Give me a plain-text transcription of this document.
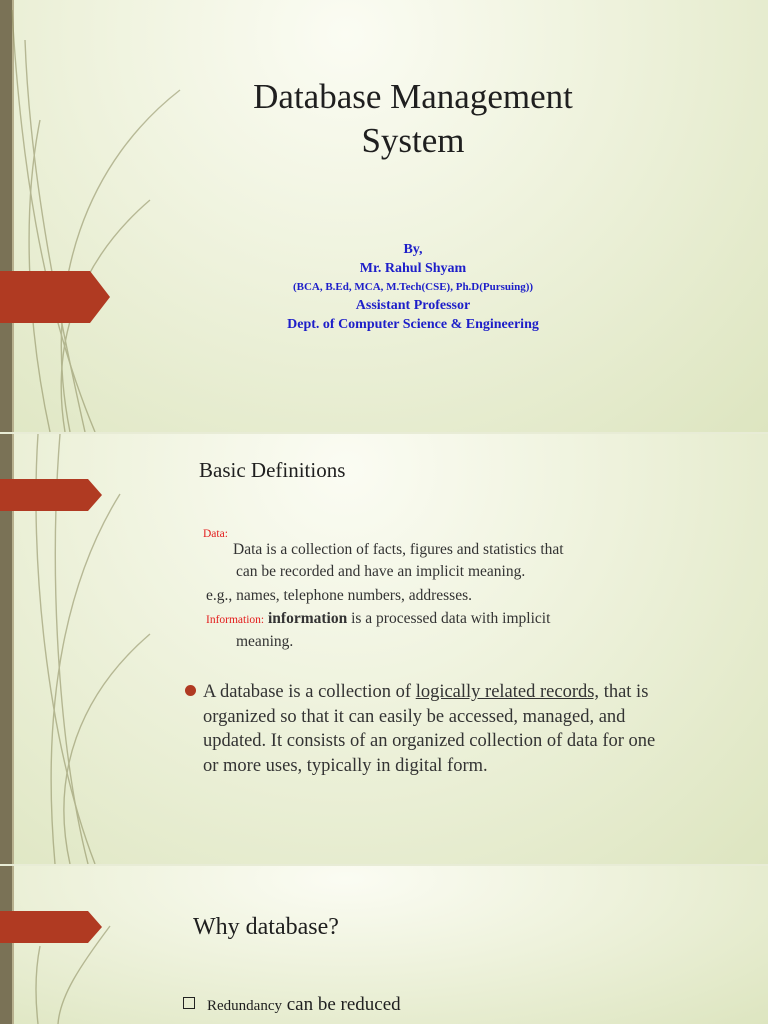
Database Management
System
By,
Mr. Rahul Shyam
(BCA, B.Ed, MCA, M.Tech(CSE), Ph.D(Pursuing))
Assistant Professor
Dept. of Computer Science & Engineering
Basic Definitions
Data:
Data is a collection of facts, figures and statistics that
can be recorded and have an implicit meaning.
e.g., names, telephone numbers, addresses.
Information: information is a processed data with implicit
meaning.
A database is a collection of logically related records, that is organized so that it can easily be accessed, managed, and updated. It consists of an organized collection of data for one or more uses, typically in digital form.
Why database?
Redundancy can be reduced
